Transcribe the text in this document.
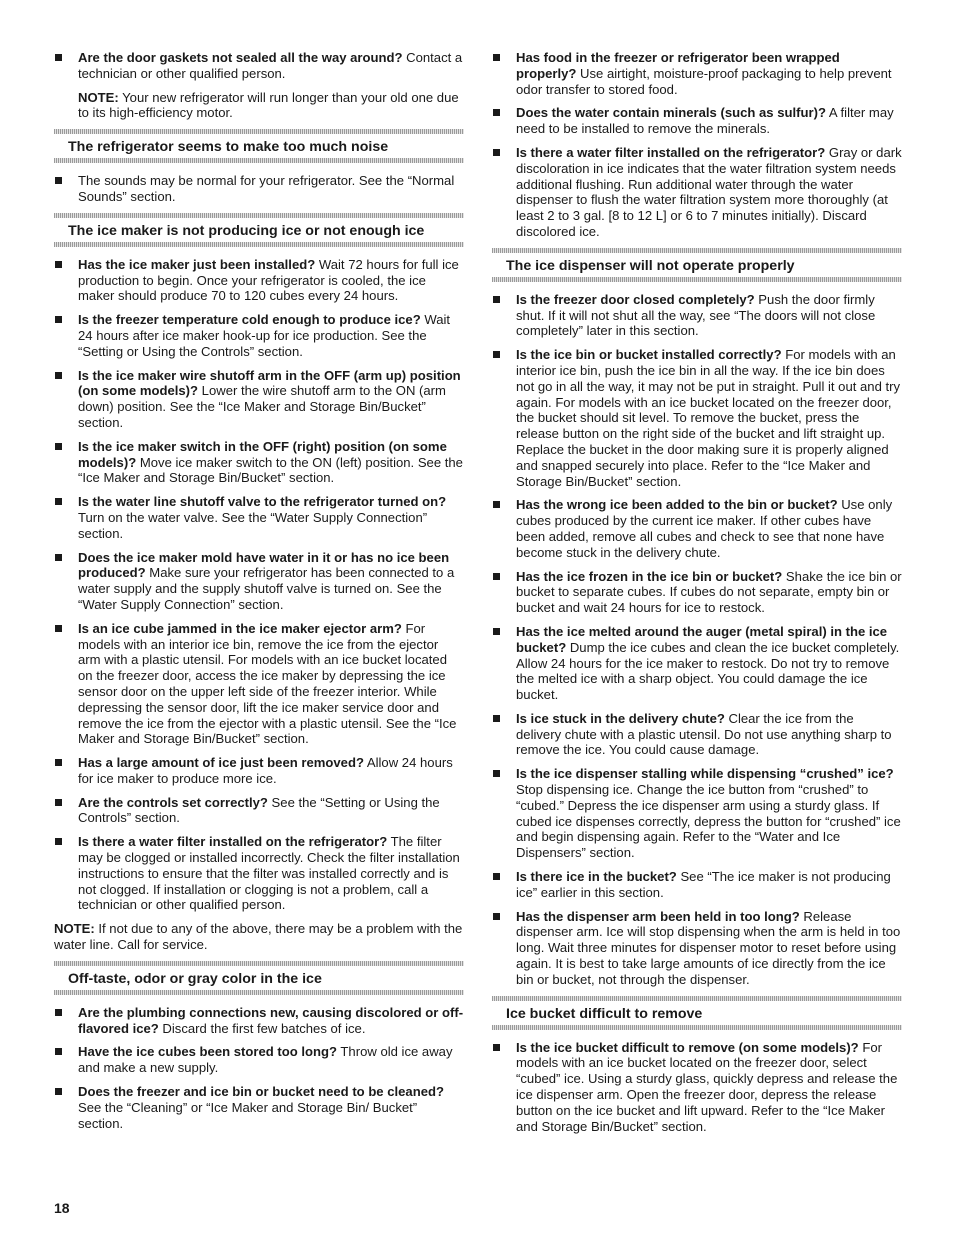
Are the door gaskets not sealed all the way around? Contact a technician or other qualified person.
NOTE: Your new refrigerator will run longer than your old one due to its high-efficiency motor.
The refrigerator seems to make too much noise
The sounds may be normal for your refrigerator. See the “Normal Sounds” section.
The ice maker is not producing ice or not enough ice
Has the ice maker just been installed? Wait 72 hours for full ice production to begin. Once your refrigerator is cooled, the ice maker should produce 70 to 120 cubes every 24 hours.
Is the freezer temperature cold enough to produce ice? Wait 24 hours after ice maker hook-up for ice production. See the “Setting or Using the Controls” section.
Is the ice maker wire shutoff arm in the OFF (arm up) position (on some models)? Lower the wire shutoff arm to the ON (arm down) position. See the “Ice Maker and Storage Bin/Bucket” section.
Is the ice maker switch in the OFF (right) position (on some models)? Move ice maker switch to the ON (left) position. See the “Ice Maker and Storage Bin/Bucket” section.
Is the water line shutoff valve to the refrigerator turned on? Turn on the water valve. See the “Water Supply Connection” section.
Does the ice maker mold have water in it or has no ice been produced? Make sure your refrigerator has been connected to a water supply and the supply shutoff valve is turned on. See the “Water Supply Connection” section.
Is an ice cube jammed in the ice maker ejector arm? For models with an interior ice bin, remove the ice from the ejector arm with a plastic utensil. For models with an ice bucket located on the freezer door, access the ice maker by depressing the ice sensor door on the upper left side of the freezer interior. While depressing the sensor door, lift the ice maker service door and remove the ice from the ejector with a plastic utensil. See the “Ice Maker and Storage Bin/Bucket” section.
Has a large amount of ice just been removed? Allow 24 hours for ice maker to produce more ice.
Are the controls set correctly? See the “Setting or Using the Controls” section.
Is there a water filter installed on the refrigerator? The filter may be clogged or installed incorrectly. Check the filter installation instructions to ensure that the filter was installed correctly and is not clogged. If installation or clogging is not a problem, call a technician or other qualified person.
NOTE: If not due to any of the above, there may be a problem with the water line. Call for service.
Off-taste, odor or gray color in the ice
Are the plumbing connections new, causing discolored or off-flavored ice? Discard the first few batches of ice.
Have the ice cubes been stored too long? Throw old ice away and make a new supply.
Does the freezer and ice bin or bucket need to be cleaned? See the “Cleaning” or “Ice Maker and Storage Bin/ Bucket” section.
Has food in the freezer or refrigerator been wrapped properly? Use airtight, moisture-proof packaging to help prevent odor transfer to stored food.
Does the water contain minerals (such as sulfur)? A filter may need to be installed to remove the minerals.
Is there a water filter installed on the refrigerator? Gray or dark discoloration in ice indicates that the water filtration system needs additional flushing. Run additional water through the water dispenser to flush the water filtration system more thoroughly (at least 2 to 3 gal. [8 to 12 L] or 6 to 7 minutes initially). Discard discolored ice.
The ice dispenser will not operate properly
Is the freezer door closed completely? Push the door firmly shut. If it will not shut all the way, see “The doors will not close completely” later in this section.
Is the ice bin or bucket installed correctly? For models with an interior ice bin, push the ice bin in all the way. If the ice bin does not go in all the way, it may not be put in straight. Pull it out and try again. For models with an ice bucket located on the freezer door, the bucket should sit level. To remove the bucket, press the release button on the right side of the bucket and lift straight up. Replace the bucket in the door making sure it is properly aligned and snapped securely into place. Refer to the “Ice Maker and Storage Bin/Bucket” section.
Has the wrong ice been added to the bin or bucket? Use only cubes produced by the current ice maker. If other cubes have been added, remove all cubes and check to see that none have become stuck in the delivery chute.
Has the ice frozen in the ice bin or bucket? Shake the ice bin or bucket to separate cubes. If cubes do not separate, empty bin or bucket and wait 24 hours for ice to restock.
Has the ice melted around the auger (metal spiral) in the ice bucket? Dump the ice cubes and clean the ice bucket completely. Allow 24 hours for the ice maker to restock. Do not try to remove the melted ice with a sharp object. You could damage the ice bucket.
Is ice stuck in the delivery chute? Clear the ice from the delivery chute with a plastic utensil. Do not use anything sharp to remove the ice. You could cause damage.
Is the ice dispenser stalling while dispensing “crushed” ice? Stop dispensing ice. Change the ice button from “crushed” to “cubed.” Depress the ice dispenser arm using a sturdy glass. If cubed ice dispenses correctly, depress the button for “crushed” ice and begin dispensing again. Refer to the “Water and Ice Dispensers” section.
Is there ice in the bucket? See “The ice maker is not producing ice” earlier in this section.
Has the dispenser arm been held in too long? Release dispenser arm. Ice will stop dispensing when the arm is held in too long. Wait three minutes for dispenser motor to reset before using again. It is best to take large amounts of ice directly from the ice bin or bucket, not through the dispenser.
Ice bucket difficult to remove
Is the ice bucket difficult to remove (on some models)? For models with an ice bucket located on the freezer door, select “cubed” ice. Using a sturdy glass, quickly depress and release the ice dispenser arm. Open the freezer door, depress the release button on the ice bucket and lift upward. Refer to the “Ice Maker and Storage Bin/Bucket” section.
18
